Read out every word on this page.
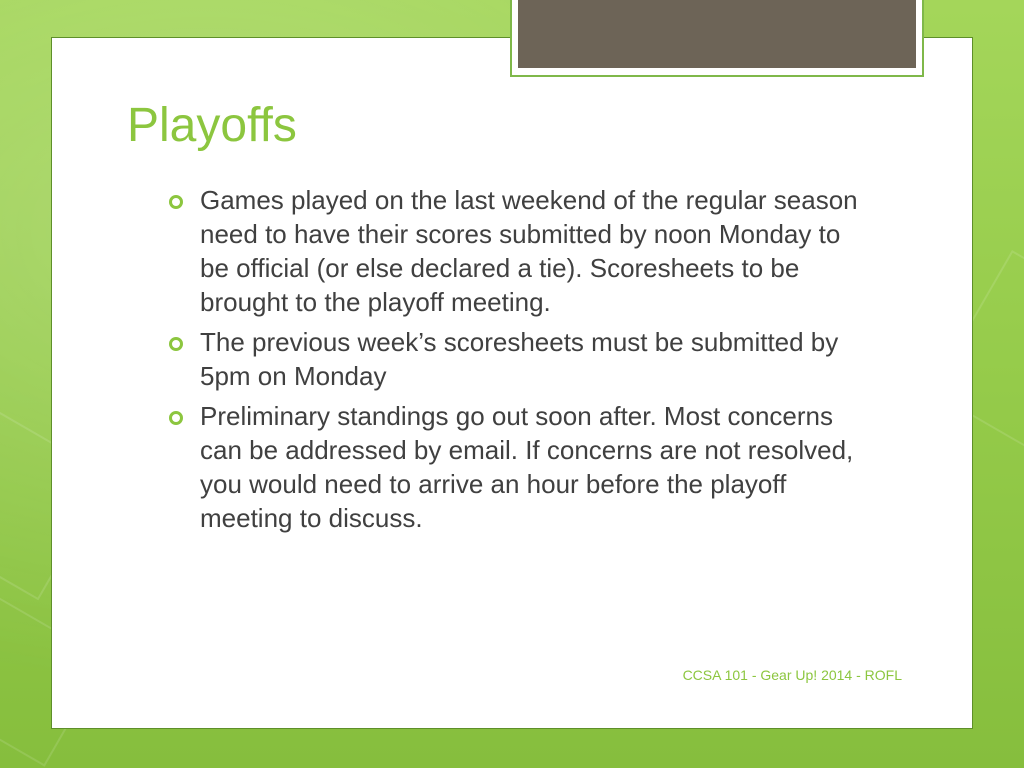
Playoffs
Games played on the last weekend of the regular season need to have their scores submitted by noon Monday to be official (or else declared a tie). Scoresheets to be brought to the playoff meeting.
The previous week’s scoresheets must be submitted by 5pm on Monday
Preliminary standings go out soon after. Most concerns can be addressed by email. If concerns are not resolved, you would need to arrive an hour before the playoff meeting to discuss.
CCSA 101 - Gear Up! 2014 - ROFL
